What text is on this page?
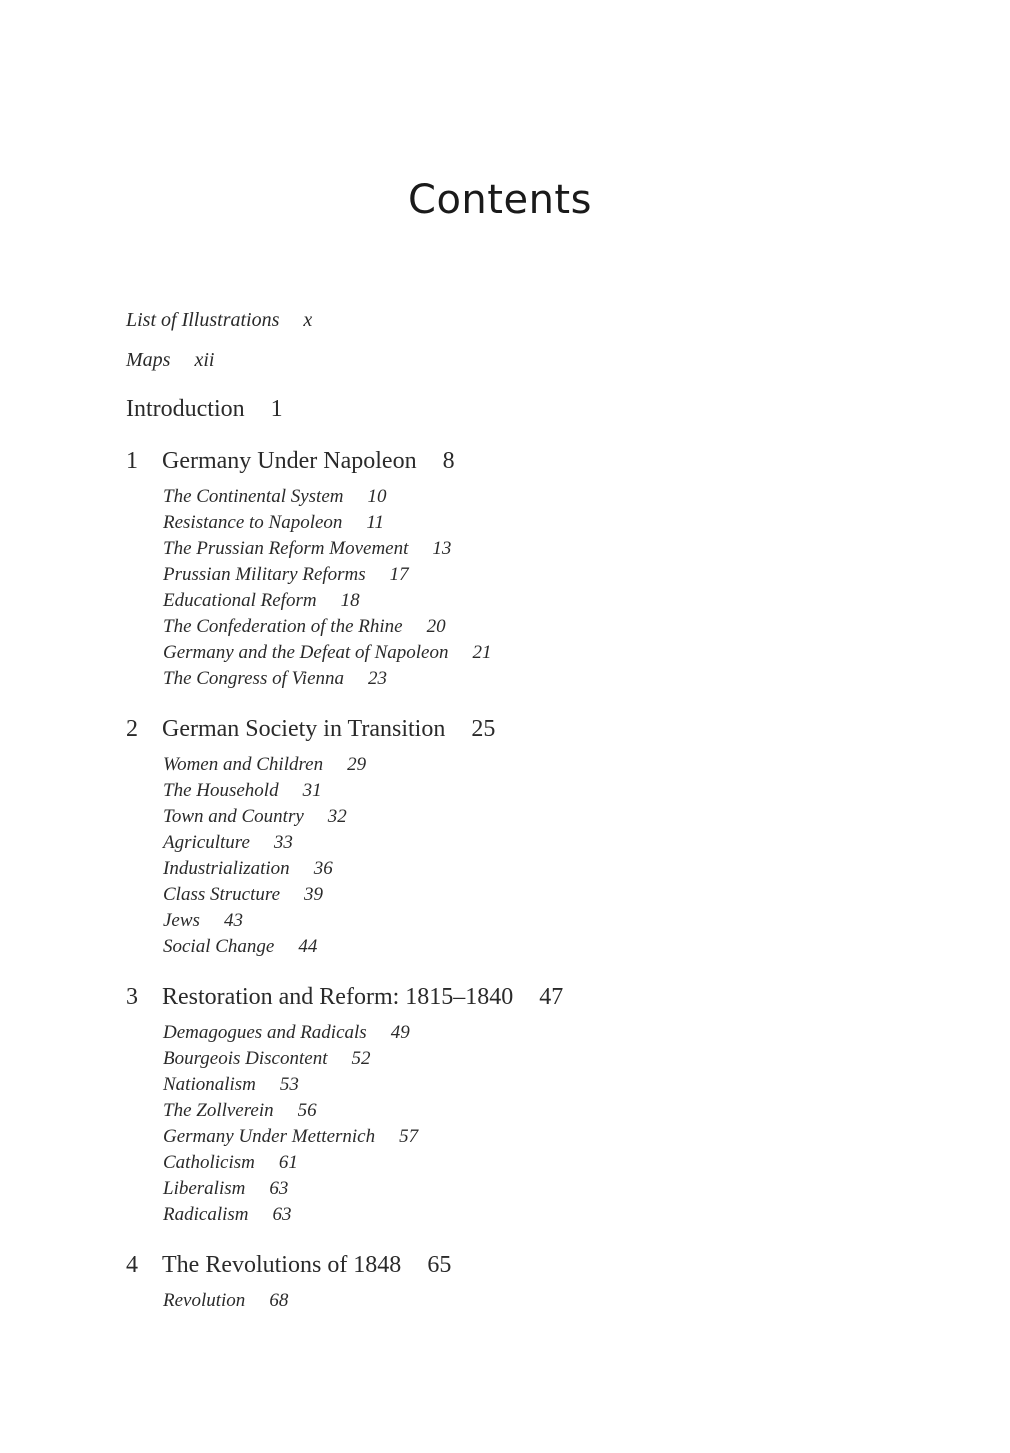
Contents
List of Illustrations x
Maps xii
Introduction 1
1	Germany Under Napoleon 8
The Continental System 10
Resistance to Napoleon 11
The Prussian Reform Movement 13
Prussian Military Reforms 17
Educational Reform 18
The Confederation of the Rhine 20
Germany and the Defeat of Napoleon 21
The Congress of Vienna 23
2	German Society in Transition 25
Women and Children 29
The Household 31
Town and Country 32
Agriculture 33
Industrialization 36
Class Structure 39
Jews 43
Social Change 44
3	Restoration and Reform: 1815–1840 47
Demagogues and Radicals 49
Bourgeois Discontent 52
Nationalism 53
The Zollverein 56
Germany Under Metternich 57
Catholicism 61
Liberalism 63
Radicalism 63
4	The Revolutions of 1848 65
Revolution 68
